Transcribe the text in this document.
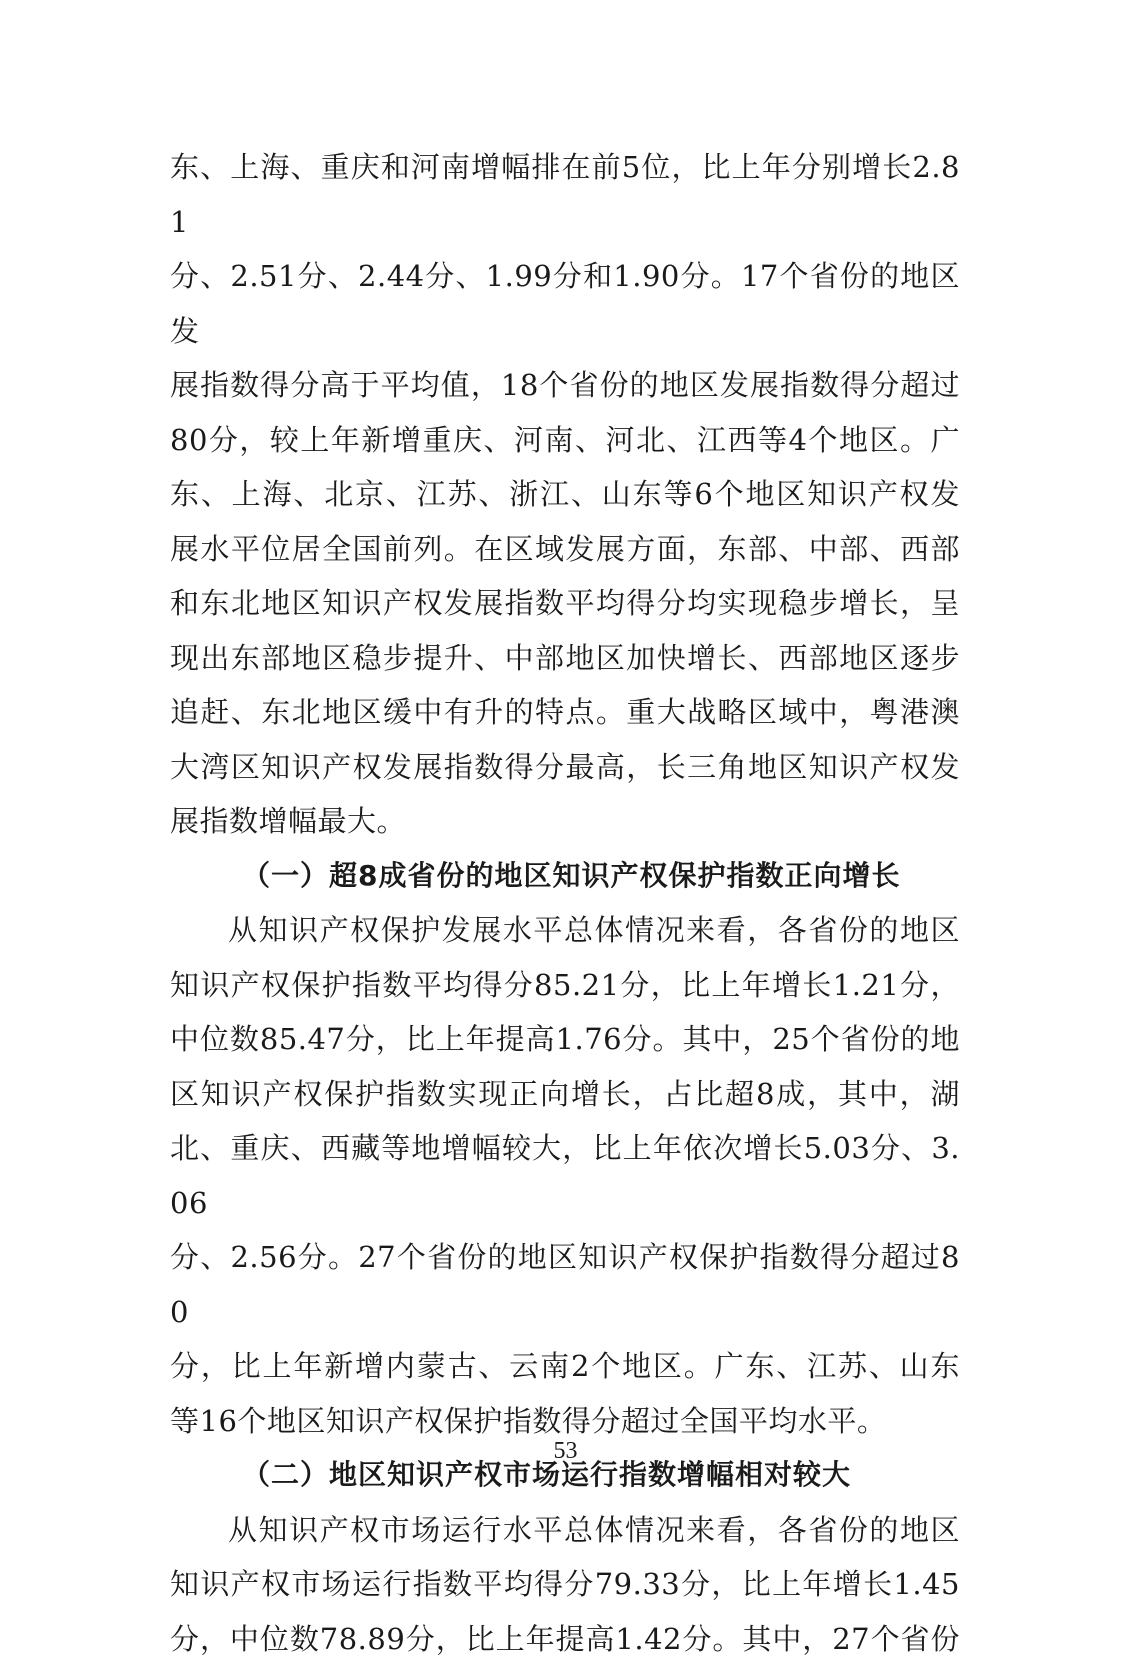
东、上海、重庆和河南增幅排在前5位，比上年分别增长2.81

分、2.51分、2.44分、1.99分和1.90分。17个省份的地区发

展指数得分高于平均值，18个省份的地区发展指数得分超过

80分，较上年新增重庆、河南、河北、江西等4个地区。广

东、上海、北京、江苏、浙江、山东等6个地区知识产权发

展水平位居全国前列。在区域发展方面，东部、中部、西部

和东北地区知识产权发展指数平均得分均实现稳步增长，呈

现出东部地区稳步提升、中部地区加快增长、西部地区逐步

追赶、东北地区缓中有升的特点。重大战略区域中，粤港澳

大湾区知识产权发展指数得分最高，长三角地区知识产权发

展指数增幅最大。

（一）超8成省份的地区知识产权保护指数正向增长

从知识产权保护发展水平总体情况来看，各省份的地区

知识产权保护指数平均得分85.21分，比上年增长1.21分，

中位数85.47分，比上年提高1.76分。其中，25个省份的地

区知识产权保护指数实现正向增长，占比超8成，其中，湖

北、重庆、西藏等地增幅较大，比上年依次增长5.03分、3.06

分、2.56分。27个省份的地区知识产权保护指数得分超过80

分，比上年新增内蒙古、云南2个地区。广东、江苏、山东

等16个地区知识产权保护指数得分超过全国平均水平。

（二）地区知识产权市场运行指数增幅相对较大

从知识产权市场运行水平总体情况来看，各省份的地区

知识产权市场运行指数平均得分79.33分，比上年增长1.45

分，中位数78.89分，比上年提高1.42分。其中，27个省份

53
